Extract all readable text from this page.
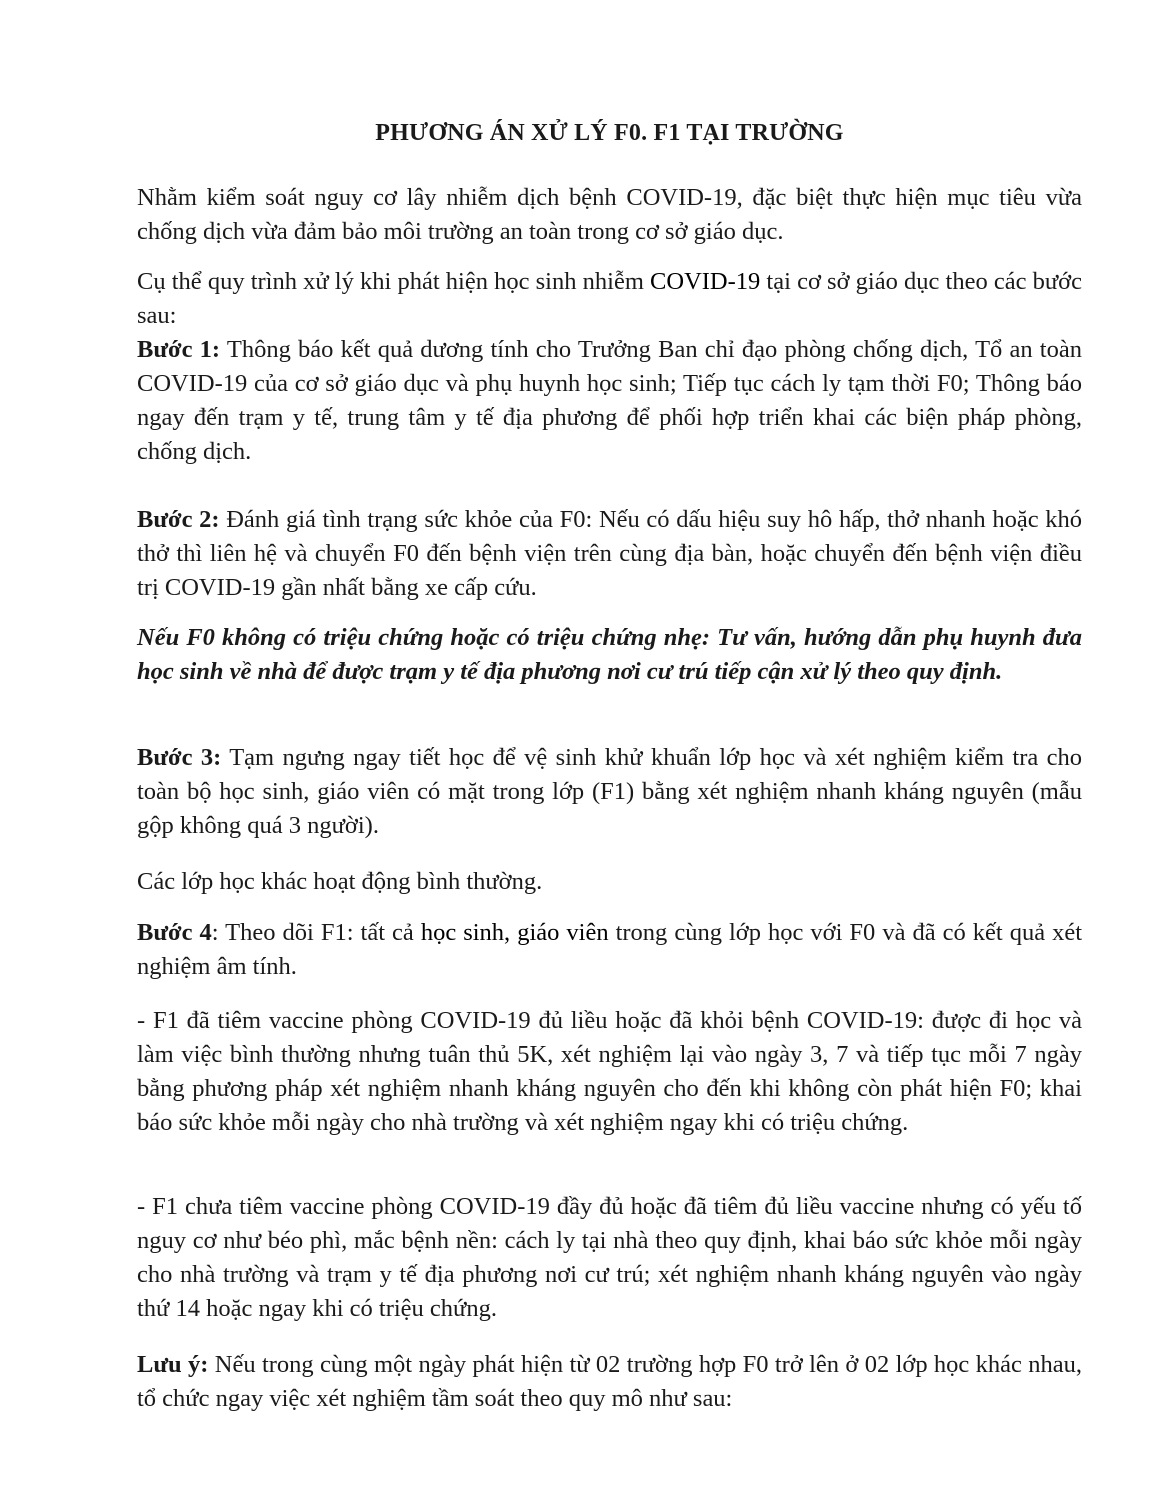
PHƯƠNG ÁN XỬ LÝ F0. F1 TẠI TRƯỜNG

Nhằm kiểm soát nguy cơ lây nhiễm dịch bệnh COVID-19, đặc biệt thực hiện mục tiêu vừa chống dịch vừa đảm bảo môi trường an toàn trong cơ sở giáo dục.

Cụ thể quy trình xử lý khi phát hiện học sinh nhiễm COVID-19 tại cơ sở giáo dục theo các bước sau:

Bước 1: Thông báo kết quả dương tính cho Trưởng Ban chỉ đạo phòng chống dịch, Tổ an toàn COVID-19 của cơ sở giáo dục và phụ huynh học sinh; Tiếp tục cách ly tạm thời F0; Thông báo ngay đến trạm y tế, trung tâm y tế địa phương để phối hợp triển khai các biện pháp phòng, chống dịch.

Bước 2: Đánh giá tình trạng sức khỏe của F0: Nếu có dấu hiệu suy hô hấp, thở nhanh hoặc khó thở thì liên hệ và chuyển F0 đến bệnh viện trên cùng địa bàn, hoặc chuyển đến bệnh viện điều trị COVID-19 gần nhất bằng xe cấp cứu.

Nếu F0 không có triệu chứng hoặc có triệu chứng nhẹ: Tư vấn, hướng dẫn phụ huynh đưa học sinh về nhà để được trạm y tế địa phương nơi cư trú tiếp cận xử lý theo quy định.

Bước 3: Tạm ngưng ngay tiết học để vệ sinh khử khuẩn lớp học và xét nghiệm kiểm tra cho toàn bộ học sinh, giáo viên có mặt trong lớp (F1) bằng xét nghiệm nhanh kháng nguyên (mẫu gộp không quá 3 người).

Các lớp học khác hoạt động bình thường.

Bước 4: Theo dõi F1: tất cả học sinh, giáo viên trong cùng lớp học với F0 và đã có kết quả xét nghiệm âm tính.

- F1 đã tiêm vaccine phòng COVID-19 đủ liều hoặc đã khỏi bệnh COVID-19: được đi học và làm việc bình thường nhưng tuân thủ 5K, xét nghiệm lại vào ngày 3, 7 và tiếp tục mỗi 7 ngày bằng phương pháp xét nghiệm nhanh kháng nguyên cho đến khi không còn phát hiện F0; khai báo sức khỏe mỗi ngày cho nhà trường và xét nghiệm ngay khi có triệu chứng.

- F1 chưa tiêm vaccine phòng COVID-19 đầy đủ hoặc đã tiêm đủ liều vaccine nhưng có yếu tố nguy cơ như béo phì, mắc bệnh nền: cách ly tại nhà theo quy định, khai báo sức khỏe mỗi ngày cho nhà trường và trạm y tế địa phương nơi cư trú; xét nghiệm nhanh kháng nguyên vào ngày thứ 14 hoặc ngay khi có triệu chứng.

Lưu ý: Nếu trong cùng một ngày phát hiện từ 02 trường hợp F0 trở lên ở 02 lớp học khác nhau, tổ chức ngay việc xét nghiệm tầm soát theo quy mô như sau:
